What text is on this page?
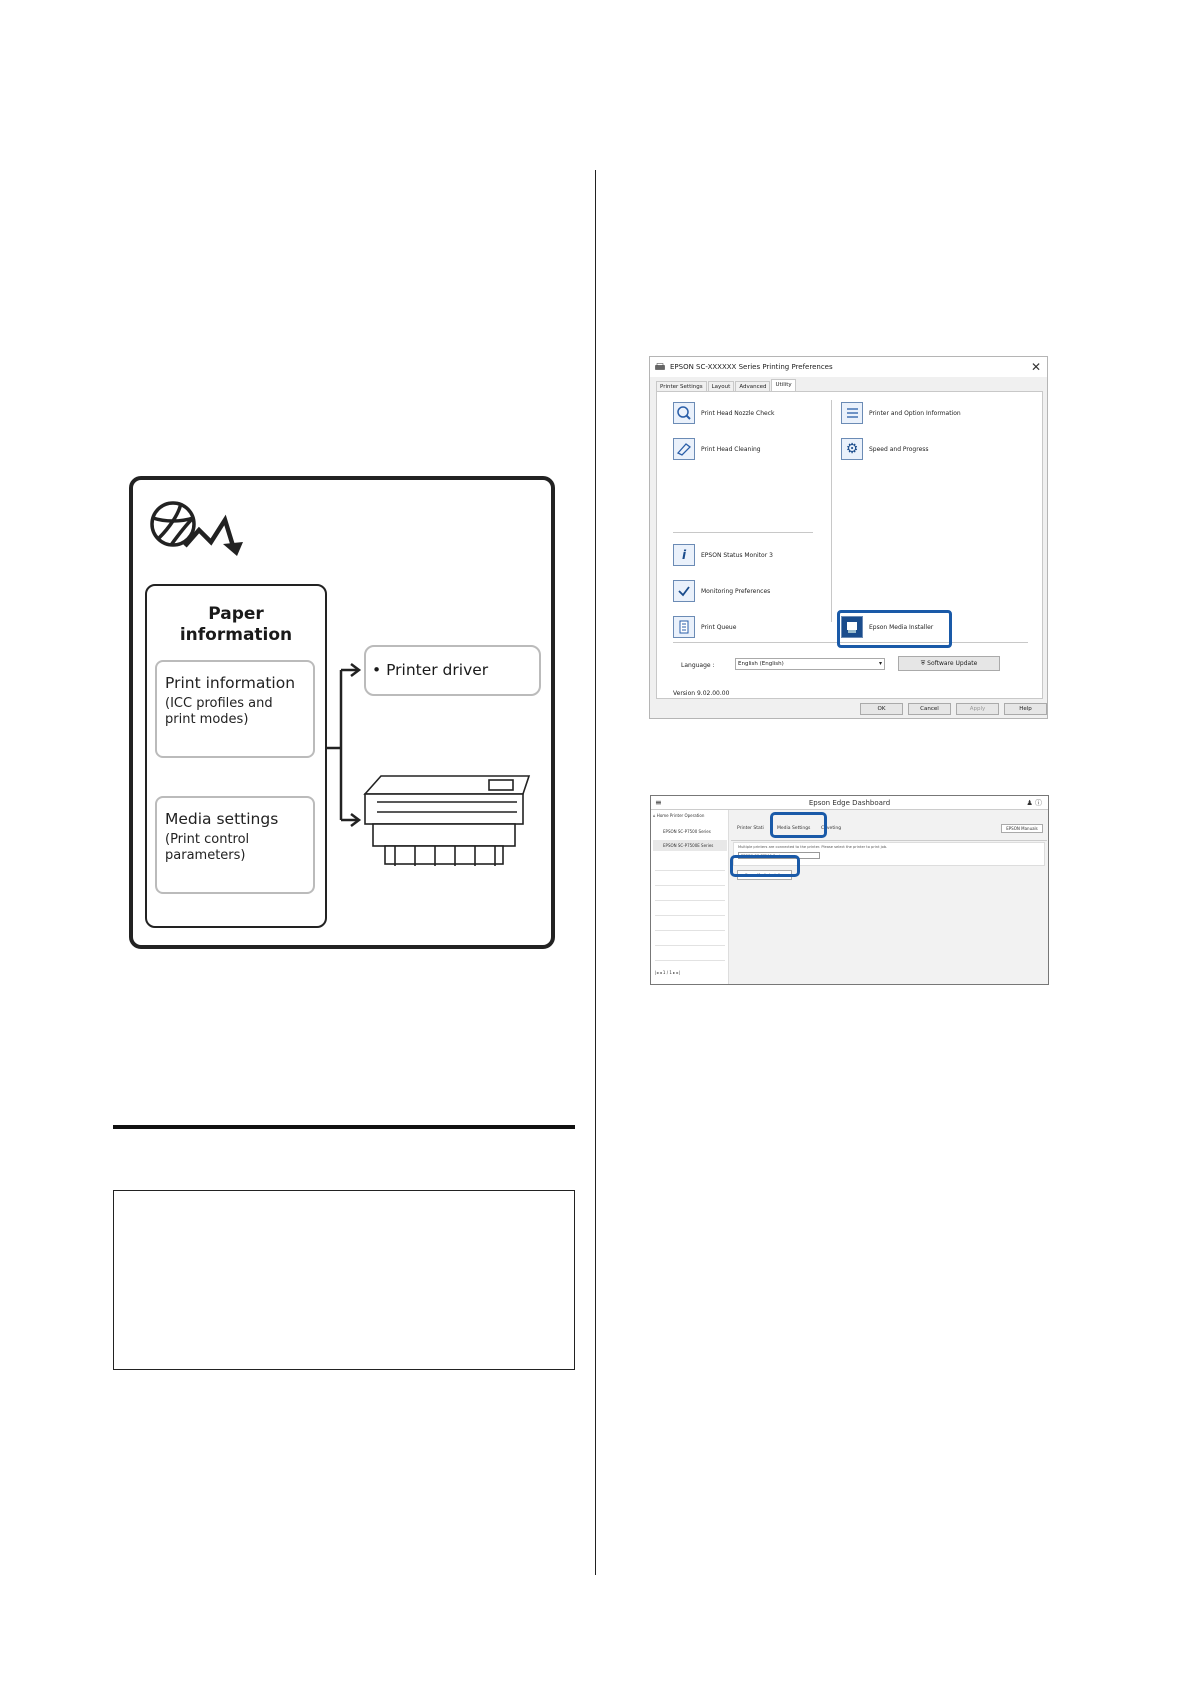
Paper
information
Print information
(ICC profiles and
print modes)
Media settings
(Print control
parameters)
• Printer driver
EPSON SC-XXXXXX Series Printing Preferences	✕
Printer Settings	Layout	Advanced	Utility
Print Head Nozzle Check
Print Head Cleaning
i	EPSON Status Monitor 3
Monitoring Preferences
Print Queue
Printer and Option Information
⚙	Speed and Progress
Epson Media Installer
Language :	English (English)	▾	⛨ Software Update
Version 9.02.00.00
OK	Cancel	Apply	Help
≡	Epson Edge Dashboard	♟ ⓘ
⌂ Home Printer Operation
EPSON SC-P7500 Series
EPSON SC-P7500E Series
|◂ ◂ 1 / 1 ▸ ▸|
Printer Stati	Media Settings Coveting	EPSON Manuals
Multiple printers are connected to the printer. Please select the printer to print job.
EPSON SC-P7500 Series
Epson Media Installer
